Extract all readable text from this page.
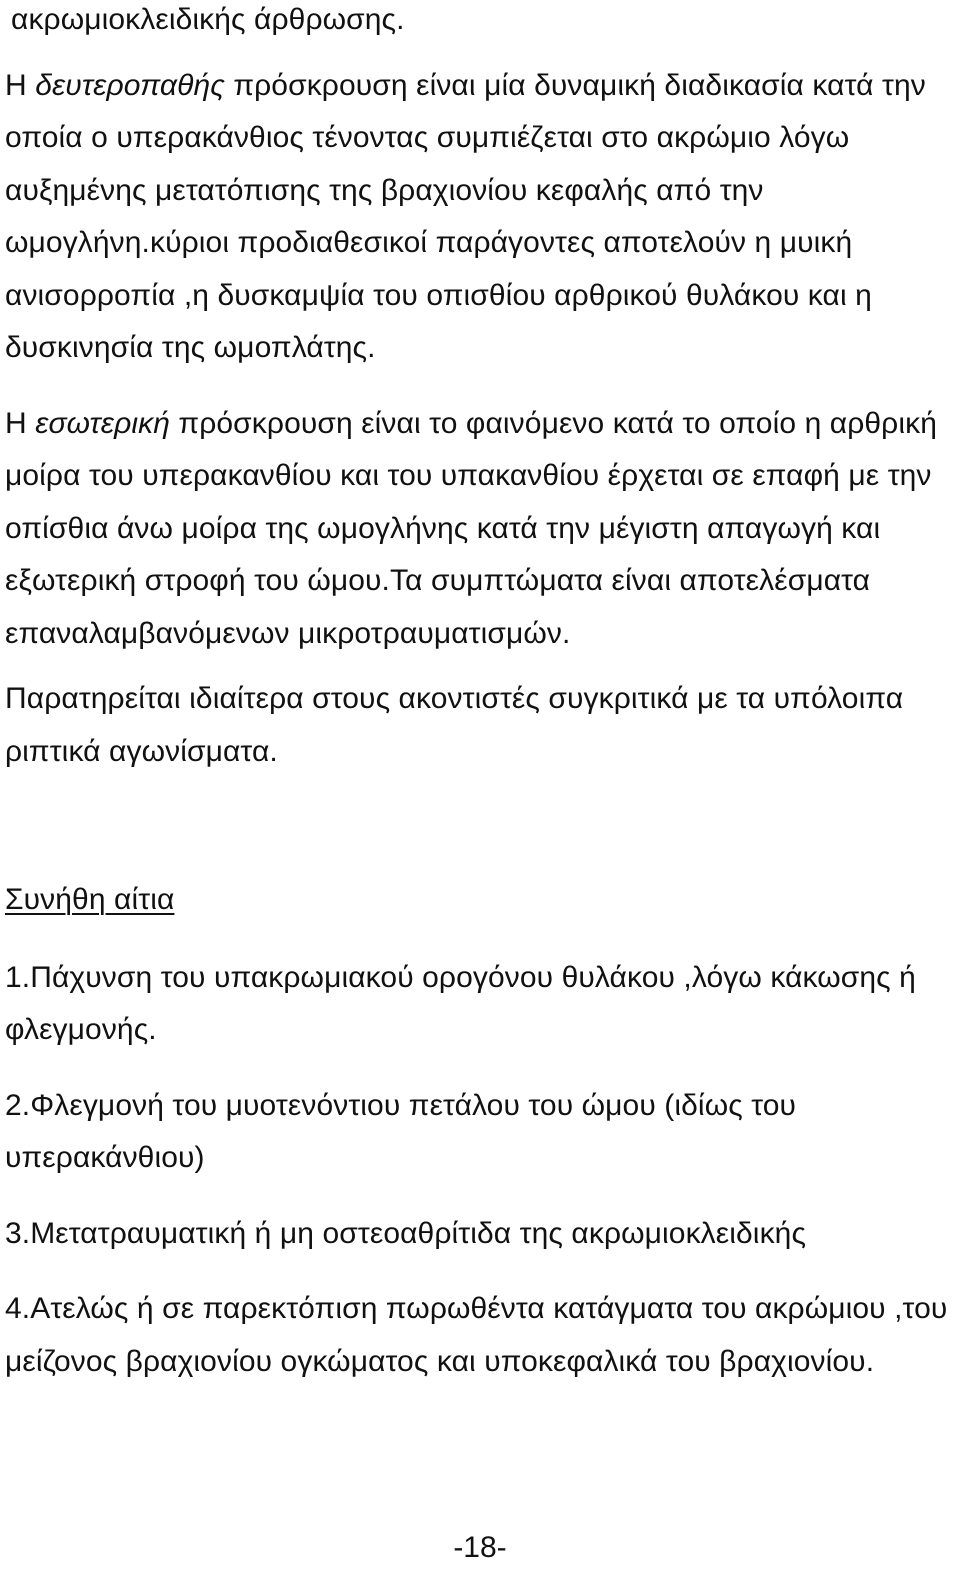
ακρωμιοκλειδικής άρθρωσης.

Η δευτεροπαθής πρόσκρουση είναι μία δυναμική διαδικασία κατά την οποία ο υπερακάνθιος τένοντας συμπιέζεται στο ακρώμιο λόγω αυξημένης μετατόπισης της βραχιονίου κεφαλής από την ωμογλήνη.κύριοι προδιαθεσικοί παράγοντες αποτελούν η μυική ανισορροπία ,η δυσκαμψία του οπισθίου αρθρικού θυλάκου και η δυσκινησία της ωμοπλάτης.

Η εσωτερική πρόσκρουση είναι το φαινόμενο κατά το οποίο η αρθρική μοίρα του υπερακανθίου και του υπακανθίου έρχεται σε επαφή με την οπίσθια άνω μοίρα της ωμογλήνης κατά την μέγιστη απαγωγή και εξωτερική στροφή του ώμου.Τα συμπτώματα είναι αποτελέσματα επαναλαμβανόμενων μικροτραυματισμών.

Παρατηρείται ιδιαίτερα στους ακοντιστές συγκριτικά με τα υπόλοιπα ριπτικά αγωνίσματα.

Συνήθη αίτια

1.Πάχυνση του υπακρωμιακού ορογόνου θυλάκου ,λόγω κάκωσης ή φλεγμονής.

2.Φλεγμονή του μυοτενόντιου πετάλου του ώμου (ιδίως του υπερακάνθιου)

3.Μετατραυματική ή μη οστεοαθρίτιδα της ακρωμιοκλειδικής

4.Ατελώς ή σε παρεκτόπιση πωρωθέντα κατάγματα του ακρώμιου ,του μείζονος βραχιονίου ογκώματος και υποκεφαλικά του βραχιονίου.

-18-
